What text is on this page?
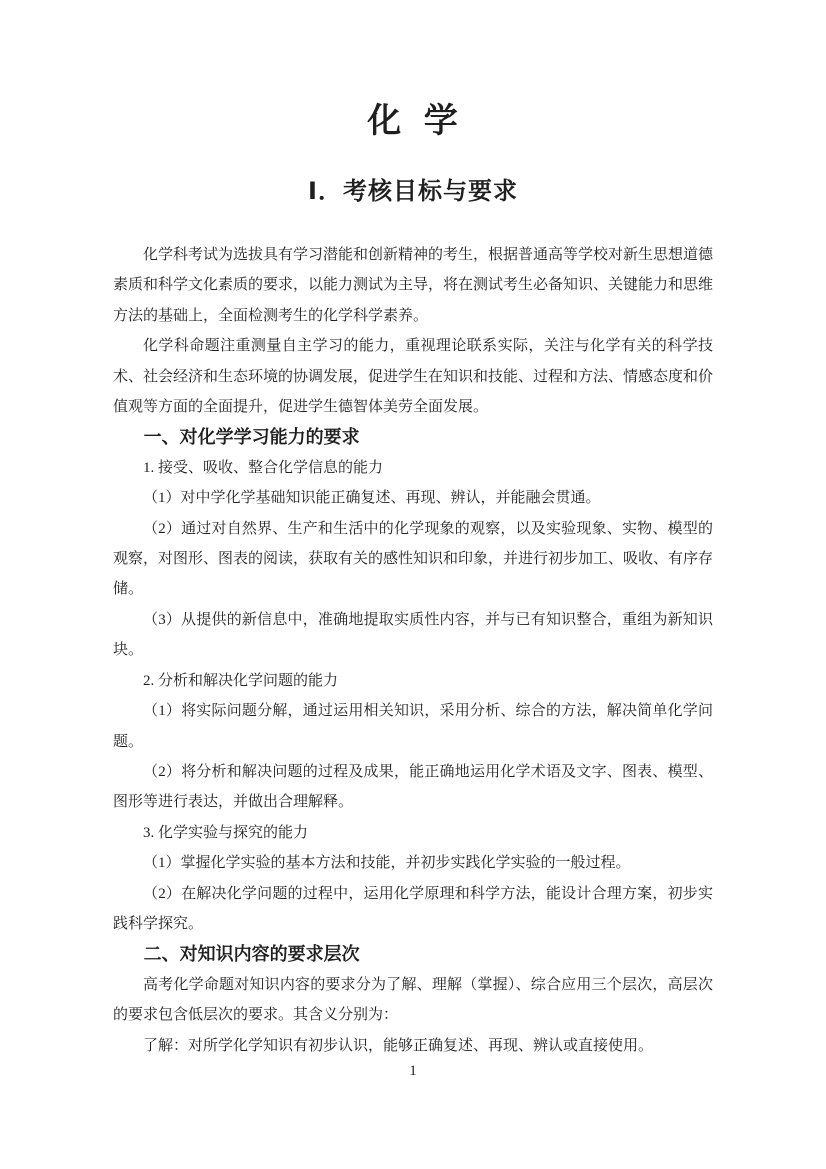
化 学
Ⅰ．考核目标与要求

化学科考试为选拔具有学习潜能和创新精神的考生，根据普通高等学校对新生思想道德素质和科学文化素质的要求，以能力测试为主导，将在测试考生必备知识、关键能力和思维方法的基础上，全面检测考生的化学科学素养。

化学科命题注重测量自主学习的能力，重视理论联系实际，关注与化学有关的科学技术、社会经济和生态环境的协调发展，促进学生在知识和技能、过程和方法、情感态度和价值观等方面的全面提升，促进学生德智体美劳全面发展。

一、对化学学习能力的要求

1. 接受、吸收、整合化学信息的能力

（1）对中学化学基础知识能正确复述、再现、辨认，并能融会贯通。

（2）通过对自然界、生产和生活中的化学现象的观察，以及实验现象、实物、模型的观察，对图形、图表的阅读，获取有关的感性知识和印象，并进行初步加工、吸收、有序存储。

（3）从提供的新信息中，准确地提取实质性内容，并与已有知识整合，重组为新知识块。

2. 分析和解决化学问题的能力

（1）将实际问题分解，通过运用相关知识，采用分析、综合的方法，解决简单化学问题。

（2）将分析和解决问题的过程及成果，能正确地运用化学术语及文字、图表、模型、图形等进行表达，并做出合理解释。

3. 化学实验与探究的能力

（1）掌握化学实验的基本方法和技能，并初步实践化学实验的一般过程。

（2）在解决化学问题的过程中，运用化学原理和科学方法，能设计合理方案，初步实践科学探究。

二、对知识内容的要求层次

高考化学命题对知识内容的要求分为了解、理解（掌握）、综合应用三个层次，高层次的要求包含低层次的要求。其含义分别为：

了解：对所学化学知识有初步认识，能够正确复述、再现、辨认或直接使用。

1
